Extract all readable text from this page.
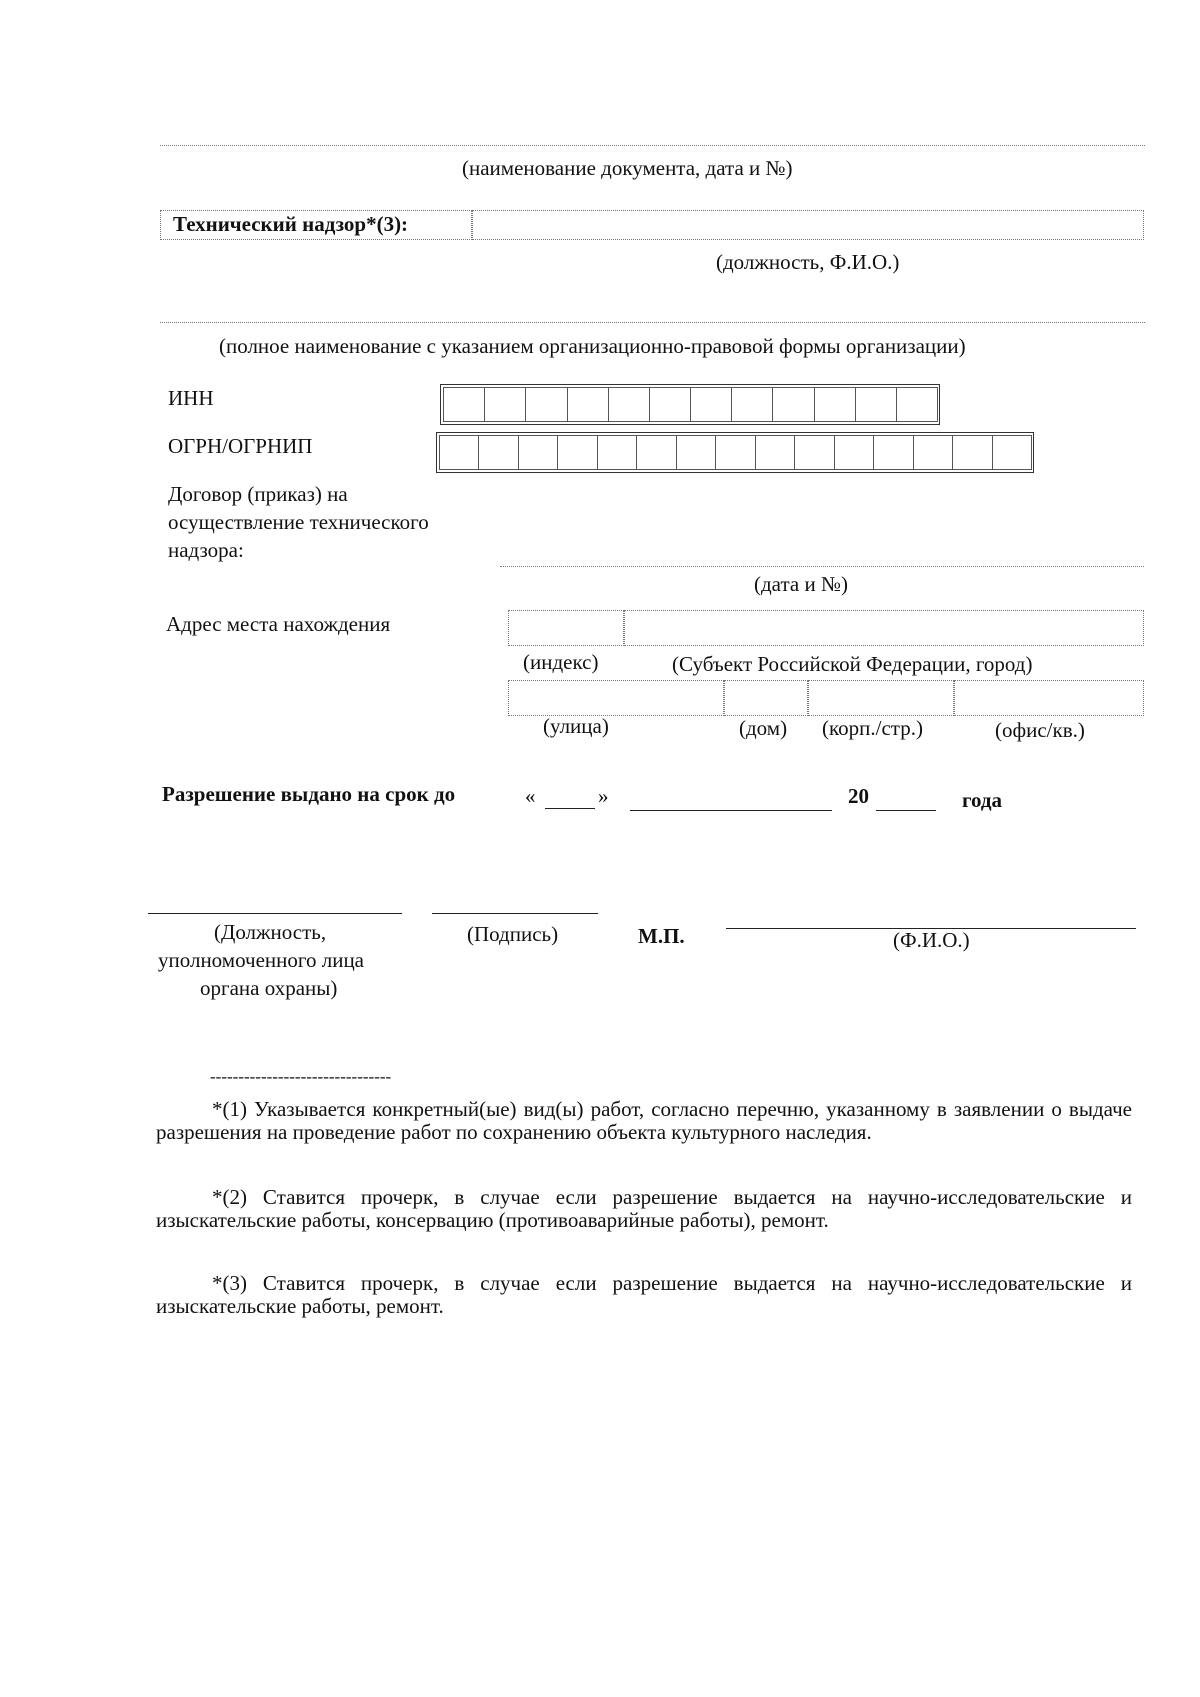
(наименование документа, дата и №)
Технический надзор*(3):
(должность, Ф.И.О.)
(полное наименование с указанием организационно-правовой формы организации)
ИНН
ОГРН/ОГРНИП
Договор (приказ) на
осуществление технического
надзора:
(дата и №)
Адрес места нахождения
(индекс)	(Субъект Российской Федерации, город)
(улица)	(дом) (корп./стр.)	(офис/кв.)
Разрешение выдано на срок до	«	»	20	года
(Должность,
уполномоченного лица
органа охраны)
(Подпись)	М.П.	(Ф.И.О.)
--------------------------------
*(1) Указывается конкретный(ые) вид(ы) работ, согласно перечню, указанному в заявлении о выдаче разрешения на проведение работ по сохранению объекта культурного наследия.
*(2) Ставится прочерк, в случае если разрешение выдается на научно-исследовательские и изыскательские работы, консервацию (противоаварийные работы), ремонт.
*(3) Ставится прочерк, в случае если разрешение выдается на научно-исследовательские и изыскательские работы, ремонт.
